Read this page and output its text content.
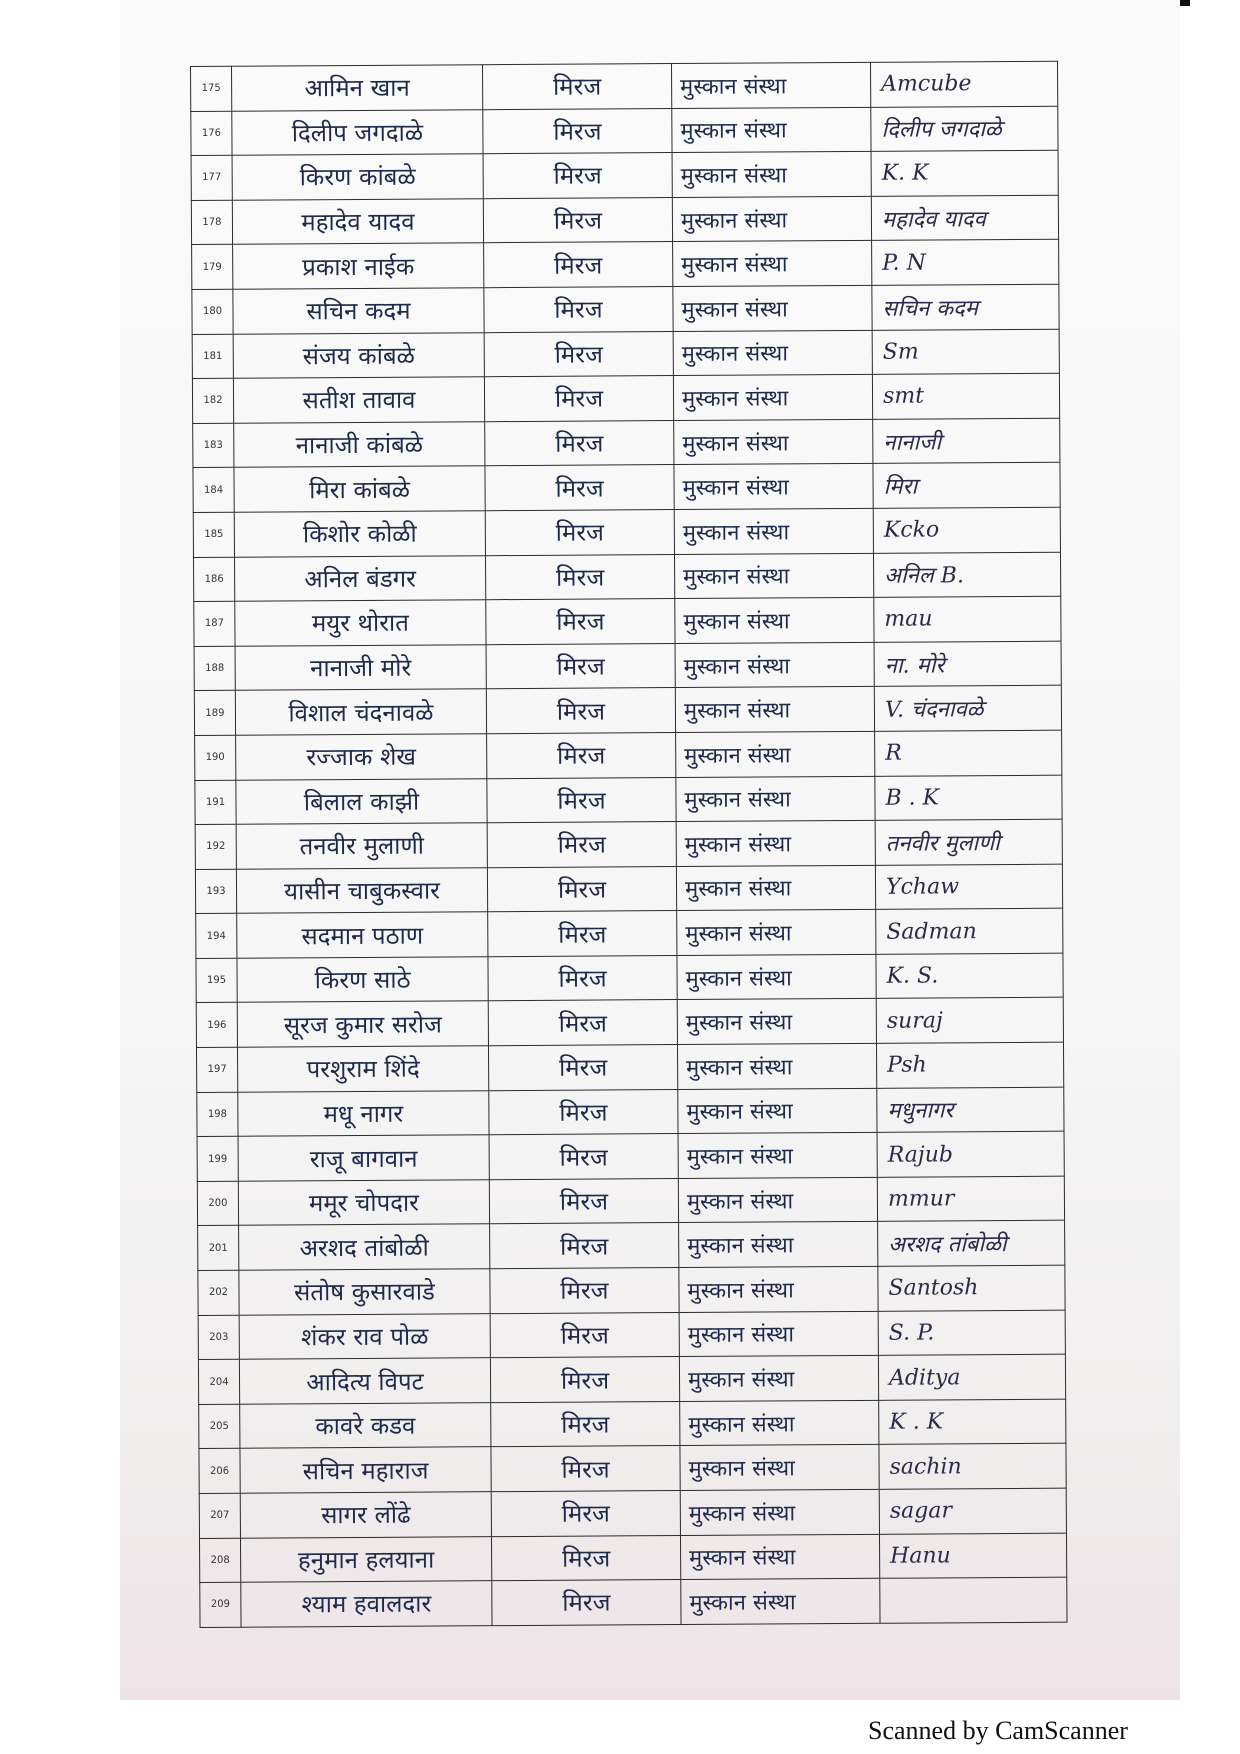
175	आमिन खान	मिरज	मुस्कान संस्था	Amcube
176	दिलीप जगदाळे	मिरज	मुस्कान संस्था	दिलीप जगदाळे
177	किरण कांबळे	मिरज	मुस्कान संस्था	K. K
178	महादेव यादव	मिरज	मुस्कान संस्था	महादेव यादव
179	प्रकाश नाईक	मिरज	मुस्कान संस्था	P. N
180	सचिन कदम	मिरज	मुस्कान संस्था	सचिन कदम
181	संजय कांबळे	मिरज	मुस्कान संस्था	Sm
182	सतीश तावाव	मिरज	मुस्कान संस्था	smt
183	नानाजी कांबळे	मिरज	मुस्कान संस्था	नानाजी
184	मिरा कांबळे	मिरज	मुस्कान संस्था	मिरा
185	किशोर कोळी	मिरज	मुस्कान संस्था	Kcko
186	अनिल बंडगर	मिरज	मुस्कान संस्था	अनिल B.
187	मयुर थोरात	मिरज	मुस्कान संस्था	mau
188	नानाजी मोरे	मिरज	मुस्कान संस्था	ना. मोरे
189	विशाल चंदनावळे	मिरज	मुस्कान संस्था	V. चंदनावळे
190	रज्जाक शेख	मिरज	मुस्कान संस्था	R
191	बिलाल काझी	मिरज	मुस्कान संस्था	B . K
192	तनवीर मुलाणी	मिरज	मुस्कान संस्था	तनवीर मुलाणी
193	यासीन चाबुकस्वार	मिरज	मुस्कान संस्था	Ychaw
194	सदमान पठाण	मिरज	मुस्कान संस्था	Sadman
195	किरण साठे	मिरज	मुस्कान संस्था	K. S.
196	सूरज कुमार सरोज	मिरज	मुस्कान संस्था	suraj
197	परशुराम शिंदे	मिरज	मुस्कान संस्था	Psh
198	मधू नागर	मिरज	मुस्कान संस्था	मधुनागर
199	राजू बागवान	मिरज	मुस्कान संस्था	Rajub
200	ममूर चोपदार	मिरज	मुस्कान संस्था	mmur
201	अरशद तांबोळी	मिरज	मुस्कान संस्था	अरशद तांबोळी
202	संतोष कुसारवाडे	मिरज	मुस्कान संस्था	Santosh
203	शंकर राव पोळ	मिरज	मुस्कान संस्था	S. P.
204	आदित्य विपट	मिरज	मुस्कान संस्था	Aditya
205	कावरे कडव	मिरज	मुस्कान संस्था	K . K
206	सचिन महाराज	मिरज	मुस्कान संस्था	sachin
207	सागर लोंढे	मिरज	मुस्कान संस्था	sagar
208	हनुमान हलयाना	मिरज	मुस्कान संस्था	Hanu
209	श्याम हवालदार	मिरज	मुस्कान संस्था	
Scanned by CamScanner
